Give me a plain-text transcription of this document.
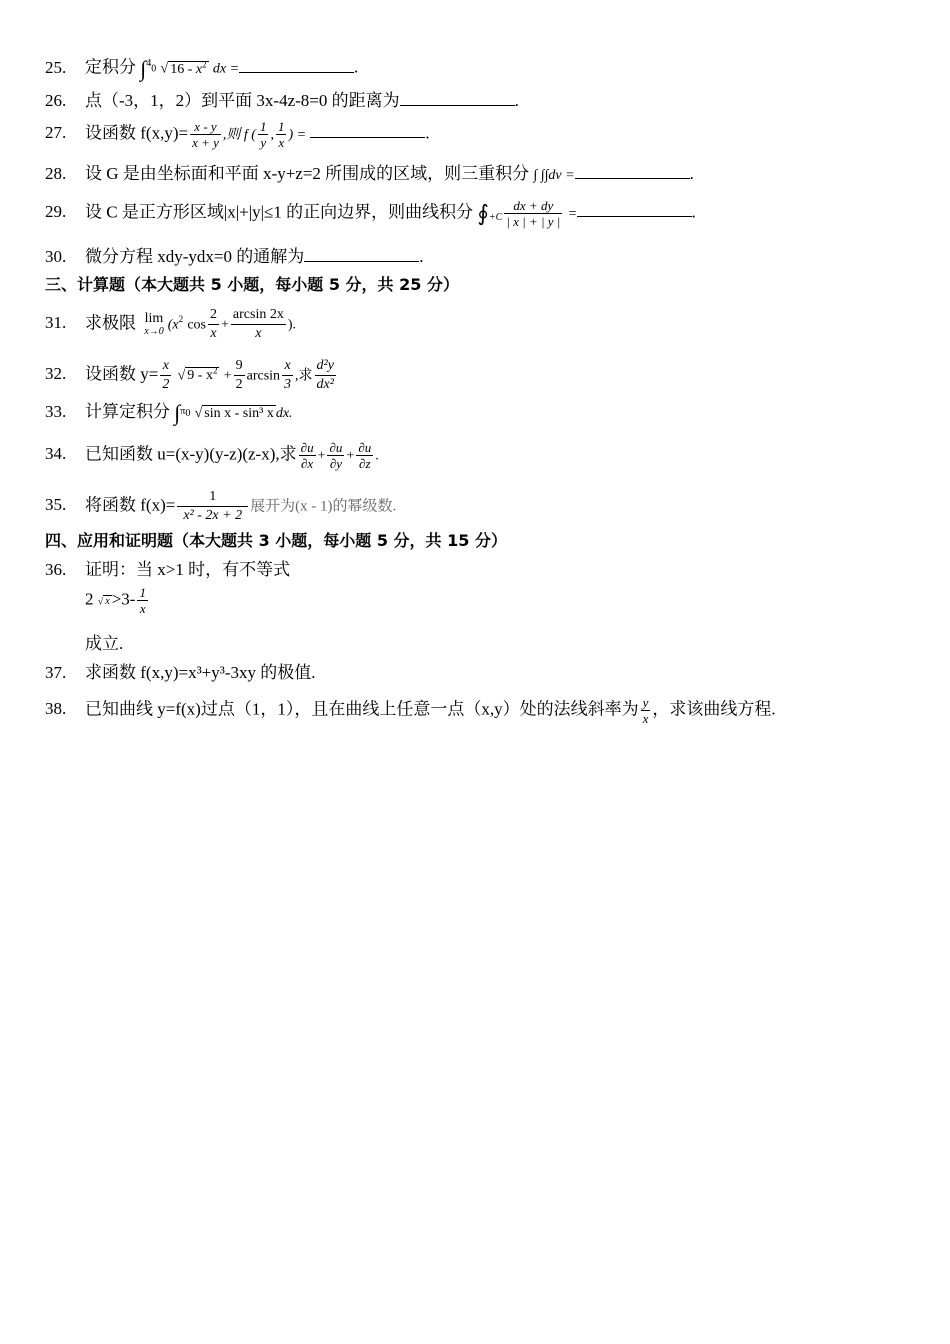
25. 定积分 ∫$^4$0 √ $16 - x^2$ dx =	.
26. 点（-3，1，2）到平面 3x-4z-8=0 的距离为	.
27. 设函数 $f(x,y)= \frac{x - y}{x + y}$ ,则 f ( $\frac{1}{y}$ , $\frac{1}{x}$ ) =	.
28. 设 G 是由坐标面和平面 x-y+z=2 所围成的区域，则三重积分 ∫ ∫∫dv =	.
29. 设 C 是正方形区域|x|+|y|≤1 的正向边界，则曲线积分 ∮+C $\frac{dx + dy}{| x | + | y |}$ =	.
30. 微分方程 xdy-ydx=0 的通解为	.
三、计算题（本大题共 5 小题，每小题 5 分，共 25 分）
31. 求极限 lim
x→0 ($x^2$ $\cos \frac{2}{x} + \frac{\arcsin 2x}{x}$ ).
32. 设函数 $y= \frac{x}{2}$ √ $9 - x^2 + \frac{9}{2}$ $\arcsin \frac{x}{3}$ ,求 $\frac{\text{d²y}}{\text{dx²}}$
33. 计算定积分 ∫$^\pi$0 √ sin x - sin³ x dx.
34. 已知函数 u=(x-y)(y-z)(z-x),求 $\frac{\partial u}{\partial x} + \frac{\partial u}{\partial y} + \frac{\partial u}{\partial z}$ .
35. 将函数 $f(x)= \frac{1}{\text{x² - 2x + 2}}$ 展开为(x - 1)的幂级数.
四、应用和证明题（本大题共 3 小题，每小题 5 分，共 15 分）
36. 证明：当 x>1 时，有不等式
2 √ $x >3- \frac{1}{x}$
成立.
37. 求函数 f(x,y)=x³+y³-3xy 的极值.
38. 已知曲线 y=f(x)过点（1，1），且在曲线上任意一点（x,y）处的法线斜率为 $\frac{y}{x}$ ，求该曲线方程.
